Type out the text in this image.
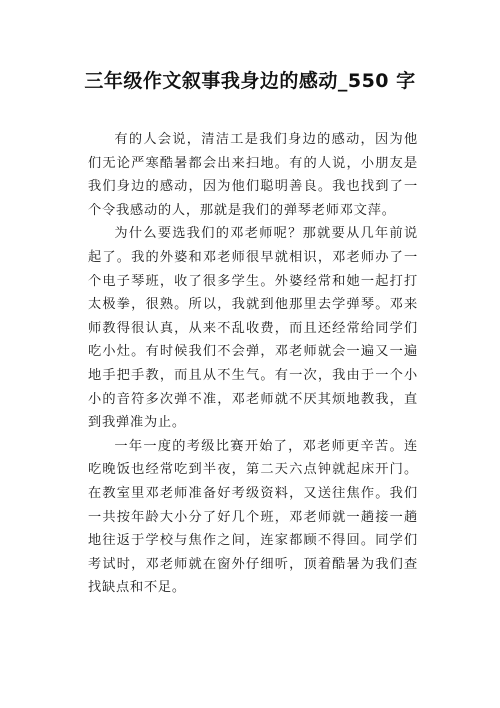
三年级作文叙事我身边的感动_550 字

有的人会说，清洁工是我们身边的感动，因为他们无论严寒酷暑都会出来扫地。有的人说，小朋友是我们身边的感动，因为他们聪明善良。我也找到了一个令我感动的人，那就是我们的弹琴老师邓文萍。

为什么要选我们的邓老师呢？那就要从几年前说起了。我的外婆和邓老师很早就相识，邓老师办了一个电子琴班，收了很多学生。外婆经常和她一起打打太极拳，很熟。所以，我就到他那里去学弹琴。邓来师教得很认真，从来不乱收费，而且还经常给同学们吃小灶。有时候我们不会弹，邓老师就会一遍又一遍地手把手教，而且从不生气。有一次，我由于一个小小的音符多次弹不准，邓老师就不厌其烦地教我，直到我弹准为止。

一年一度的考级比赛开始了，邓老师更辛苦。连吃晚饭也经常吃到半夜，第二天六点钟就起床开门。在教室里邓老师准备好考级资料，又送往焦作。我们一共按年龄大小分了好几个班，邓老师就一趟接一趟地往返于学校与焦作之间，连家都顾不得回。同学们考试时，邓老师就在窗外仔细听，顶着酷暑为我们查找缺点和不足。
